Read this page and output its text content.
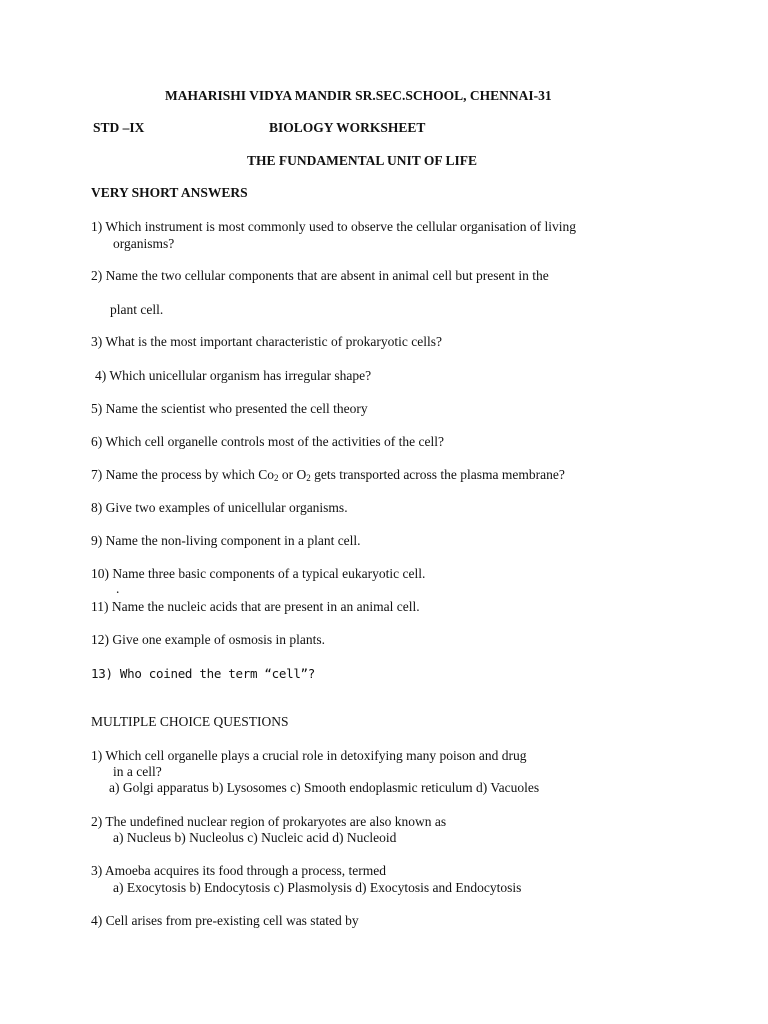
MAHARISHI VIDYA MANDIR SR.SEC.SCHOOL, CHENNAI-31
STD –IX	BIOLOGY WORKSHEET
THE FUNDAMENTAL UNIT OF LIFE
VERY SHORT ANSWERS
1) Which instrument is most commonly used to observe the cellular organisation of living
organisms?
2) Name the two cellular components that are absent in animal cell but present in the
plant cell.
3) What is the most important characteristic of prokaryotic cells?
4) Which unicellular organism has irregular shape?
5) Name the scientist who presented the cell theory
6) Which cell organelle controls most of the activities of the cell?
7) Name the process by which $Co_2$ or $O_2$ gets transported across the plasma membrane?
8) Give two examples of unicellular organisms.
9) Name the non-living component in a plant cell.
10) Name three basic components of a typical eukaryotic cell.
.
11) Name the nucleic acids that are present in an animal cell.
12) Give one example of osmosis in plants.
13) Who coined the term “cell”?
MULTIPLE CHOICE QUESTIONS
1) Which cell organelle plays a crucial role in detoxifying many poison and drug
in a cell?
a) Golgi apparatus b) Lysosomes c) Smooth endoplasmic reticulum d) Vacuoles
2) The undefined nuclear region of prokaryotes are also known as
a) Nucleus b) Nucleolus c) Nucleic acid d) Nucleoid
3) Amoeba acquires its food through a process, termed
a) Exocytosis b) Endocytosis c) Plasmolysis d) Exocytosis and Endocytosis
4) Cell arises from pre-existing cell was stated by
